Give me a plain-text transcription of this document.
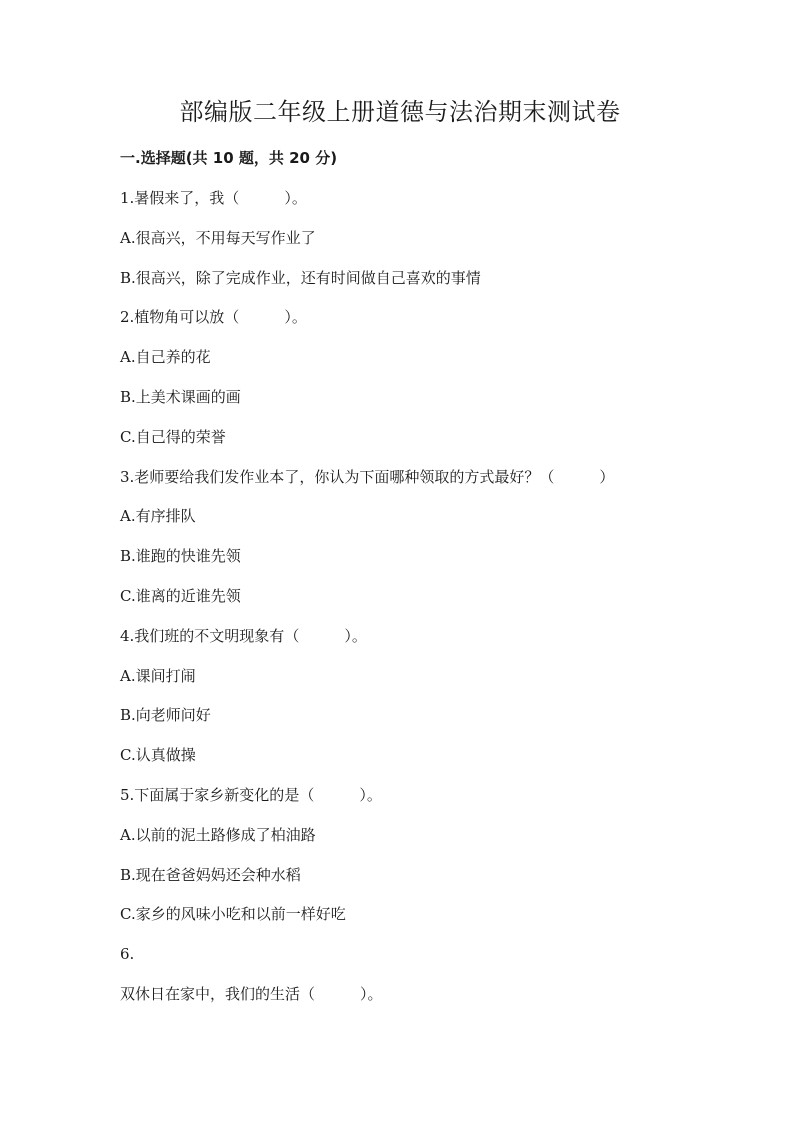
部编版二年级上册道德与法治期末测试卷
一.选择题(共 10 题，共 20 分)
1.暑假来了，我（　　　）。
A.很高兴，不用每天写作业了
B.很高兴，除了完成作业，还有时间做自己喜欢的事情
2.植物角可以放（　　　）。
A.自己养的花
B.上美术课画的画
C.自己得的荣誉
3.老师要给我们发作业本了，你认为下面哪种领取的方式最好？（　　　）
A.有序排队
B.谁跑的快谁先领
C.谁离的近谁先领
4.我们班的不文明现象有（　　　）。
A.课间打闹
B.向老师问好
C.认真做操
5.下面属于家乡新变化的是（　　　）。
A.以前的泥土路修成了柏油路
B.现在爸爸妈妈还会种水稻
C.家乡的风味小吃和以前一样好吃
6.
双休日在家中，我们的生活（　　　）。
